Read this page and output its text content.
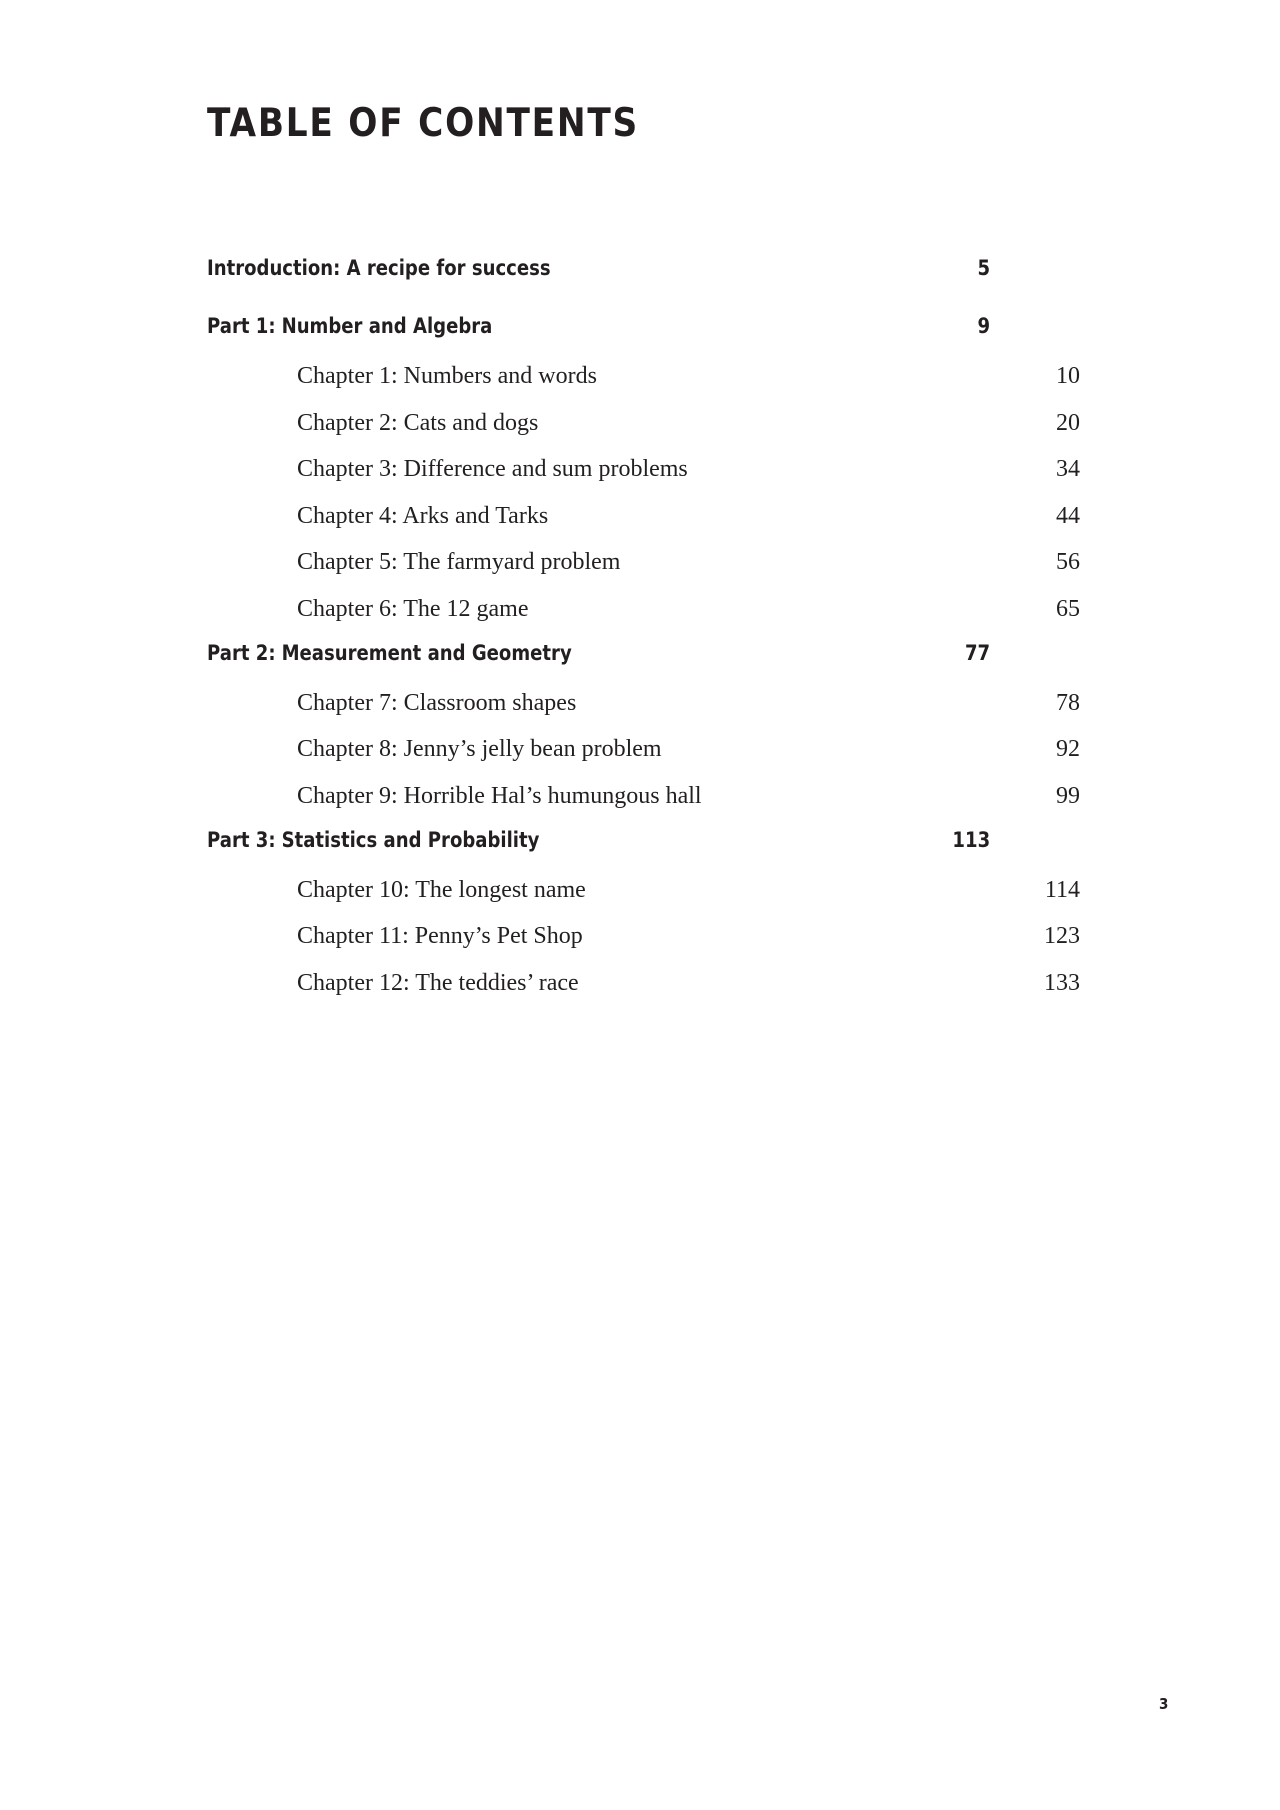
TABLE OF CONTENTS
Introduction: A recipe for success	5
Part 1: Number and Algebra	9
Chapter 1: Numbers and words	10
Chapter 2: Cats and dogs	20
Chapter 3: Difference and sum problems	34
Chapter 4: Arks and Tarks	44
Chapter 5: The farmyard problem	56
Chapter 6: The 12 game	65
Part 2: Measurement and Geometry	77
Chapter 7: Classroom shapes	78
Chapter 8: Jenny’s jelly bean problem	92
Chapter 9: Horrible Hal’s humungous hall	99
Part 3: Statistics and Probability	113
Chapter 10: The longest name	114
Chapter 11: Penny’s Pet Shop	123
Chapter 12: The teddies’ race	133
3
